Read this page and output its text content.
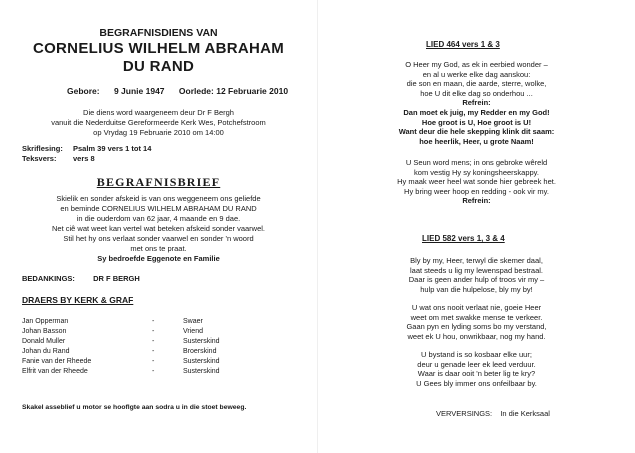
BEGRAFNISDIENS VAN
CORNELIUS WILHELM ABRAHAM
DU RAND
Gebore: 9 Junie 1947 Oorlede: 12 Februarie 2010
Die diens word waargeneem deur Dr F Bergh
vanuit die Nederduitse Gereformeerde Kerk Wes, Potchefstroom
op Vrydag 19 Februarie 2010 om 14:00
Skriflesing: Psalm 39 vers 1 tot 14
Teksvers: vers 8
BEGRAFNISBRIEF
Skielik en sonder afskeid is van ons weggeneem ons geliefde
en beminde CORNELIUS WILHELM ABRAHAM DU RAND
in die ouderdom van 62 jaar, 4 maande en 9 dae.
Net ciê wat weet kan vertel wat beteken afskeid sonder vaarwel.
Stil het hy ons verlaat sonder vaarwel en sonder 'n woord
met ons te praat.
Sy bedroefde Eggenote en Familie
BEDANKINGS: DR F BERGH
DRAERS BY KERK & GRAF
Jan Opperman	-	Swaer
Johan Basson	-	Vriend
Donald Muller	-	Susterskind
Johan du Rand	-	Broerskind
Fanie van der Rheede	-	Susterskind
Elfrit van der Rheede	-	Susterskind
Skakel asseblief u motor se hooflgte aan sodra u in die stoet beweeg.
LIED 464 vers 1 & 3
O Heer my God, as ek in eerbied wonder –
en al u werke elke dag aanskou:
die son en maan, die aarde, sterre, wolke,
hoe U dit elke dag so onderhou ...
Refrein:
Dan moet ek juig, my Redder en my God!
Hoe groot is U, Hoe groot is U!
Want deur die hele skepping klink dit saam:
hoe heerlik, Heer, u grote Naam!
U Seun word mens; in ons gebroke wêreld
kom vestig Hy sy koningsheerskappy.
Hy maak weer heel wat sonde hier gebreek het.
Hy bring weer hoop en redding - ook vir my.
Refrein:
LIED 582 vers 1, 3 & 4
Bly by my, Heer, terwyl die skemer daal,
laat steeds u lig my lewenspad bestraal.
Daar is geen ander hulp of troos vir my –
hulp van die hulpelose, bly my by!
U wat ons nooit verlaat nie, goeie Heer
weet om met swakke mense te verkeer.
Gaan pyn en lyding soms bo my verstand,
weet ek U hou, onwrikbaar, nog my hand.
U bystand is so kosbaar elke uur;
deur u genade leer ek leed verduur.
Waar is daar ooit 'n beter lig te kry?
U Gees bly immer ons onfeilbaar by.
VERVERSINGS: In die Kerksaal
